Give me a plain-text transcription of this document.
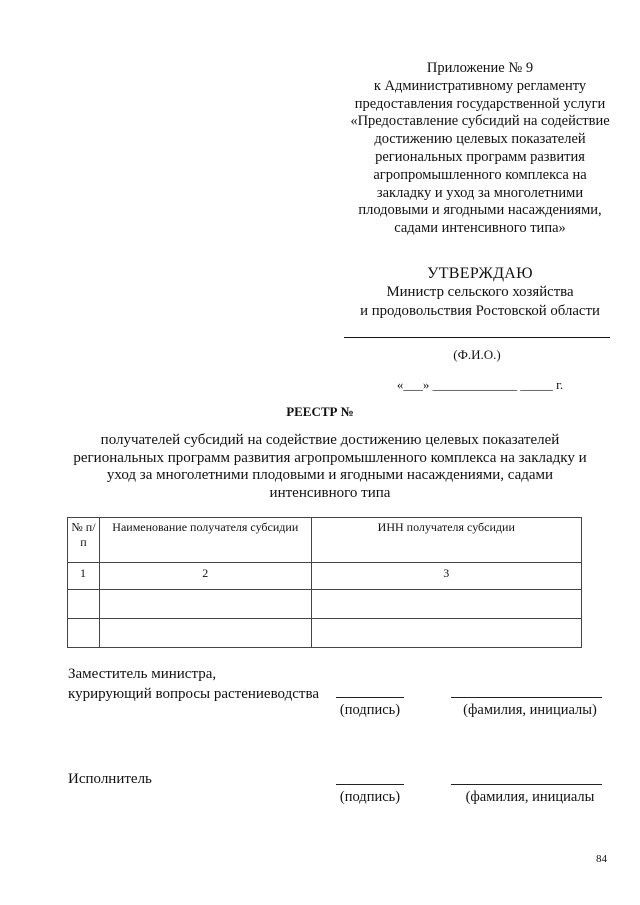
Приложение № 9
к Административному регламенту
предоставления государственной услуги
«Предоставление субсидий на содействие
достижению целевых показателей
региональных программ развития
агропромышленного комплекса на
закладку и уход за многолетними
плодовыми и ягодными насаждениями,
садами интенсивного типа»
УТВЕРЖДАЮ
Министр сельского хозяйства
и продовольствия Ростовской области
(Ф.И.О.)
«___» _____________ _____ г.
РЕЕСТР №
получателей субсидий на содействие достижению целевых показателей
региональных программ развития агропромышленного комплекса на закладку и
уход за многолетними плодовыми и ягодными насаждениями, садами
интенсивного типа
№ п/п	Наименование получателя субсидии	ИНН получателя субсидии
1	2	3

Заместитель министра,
курирующий вопросы растениеводства
(подпись)	(фамилия, инициалы)
Исполнитель
(подпись)	(фамилия, инициалы
84
